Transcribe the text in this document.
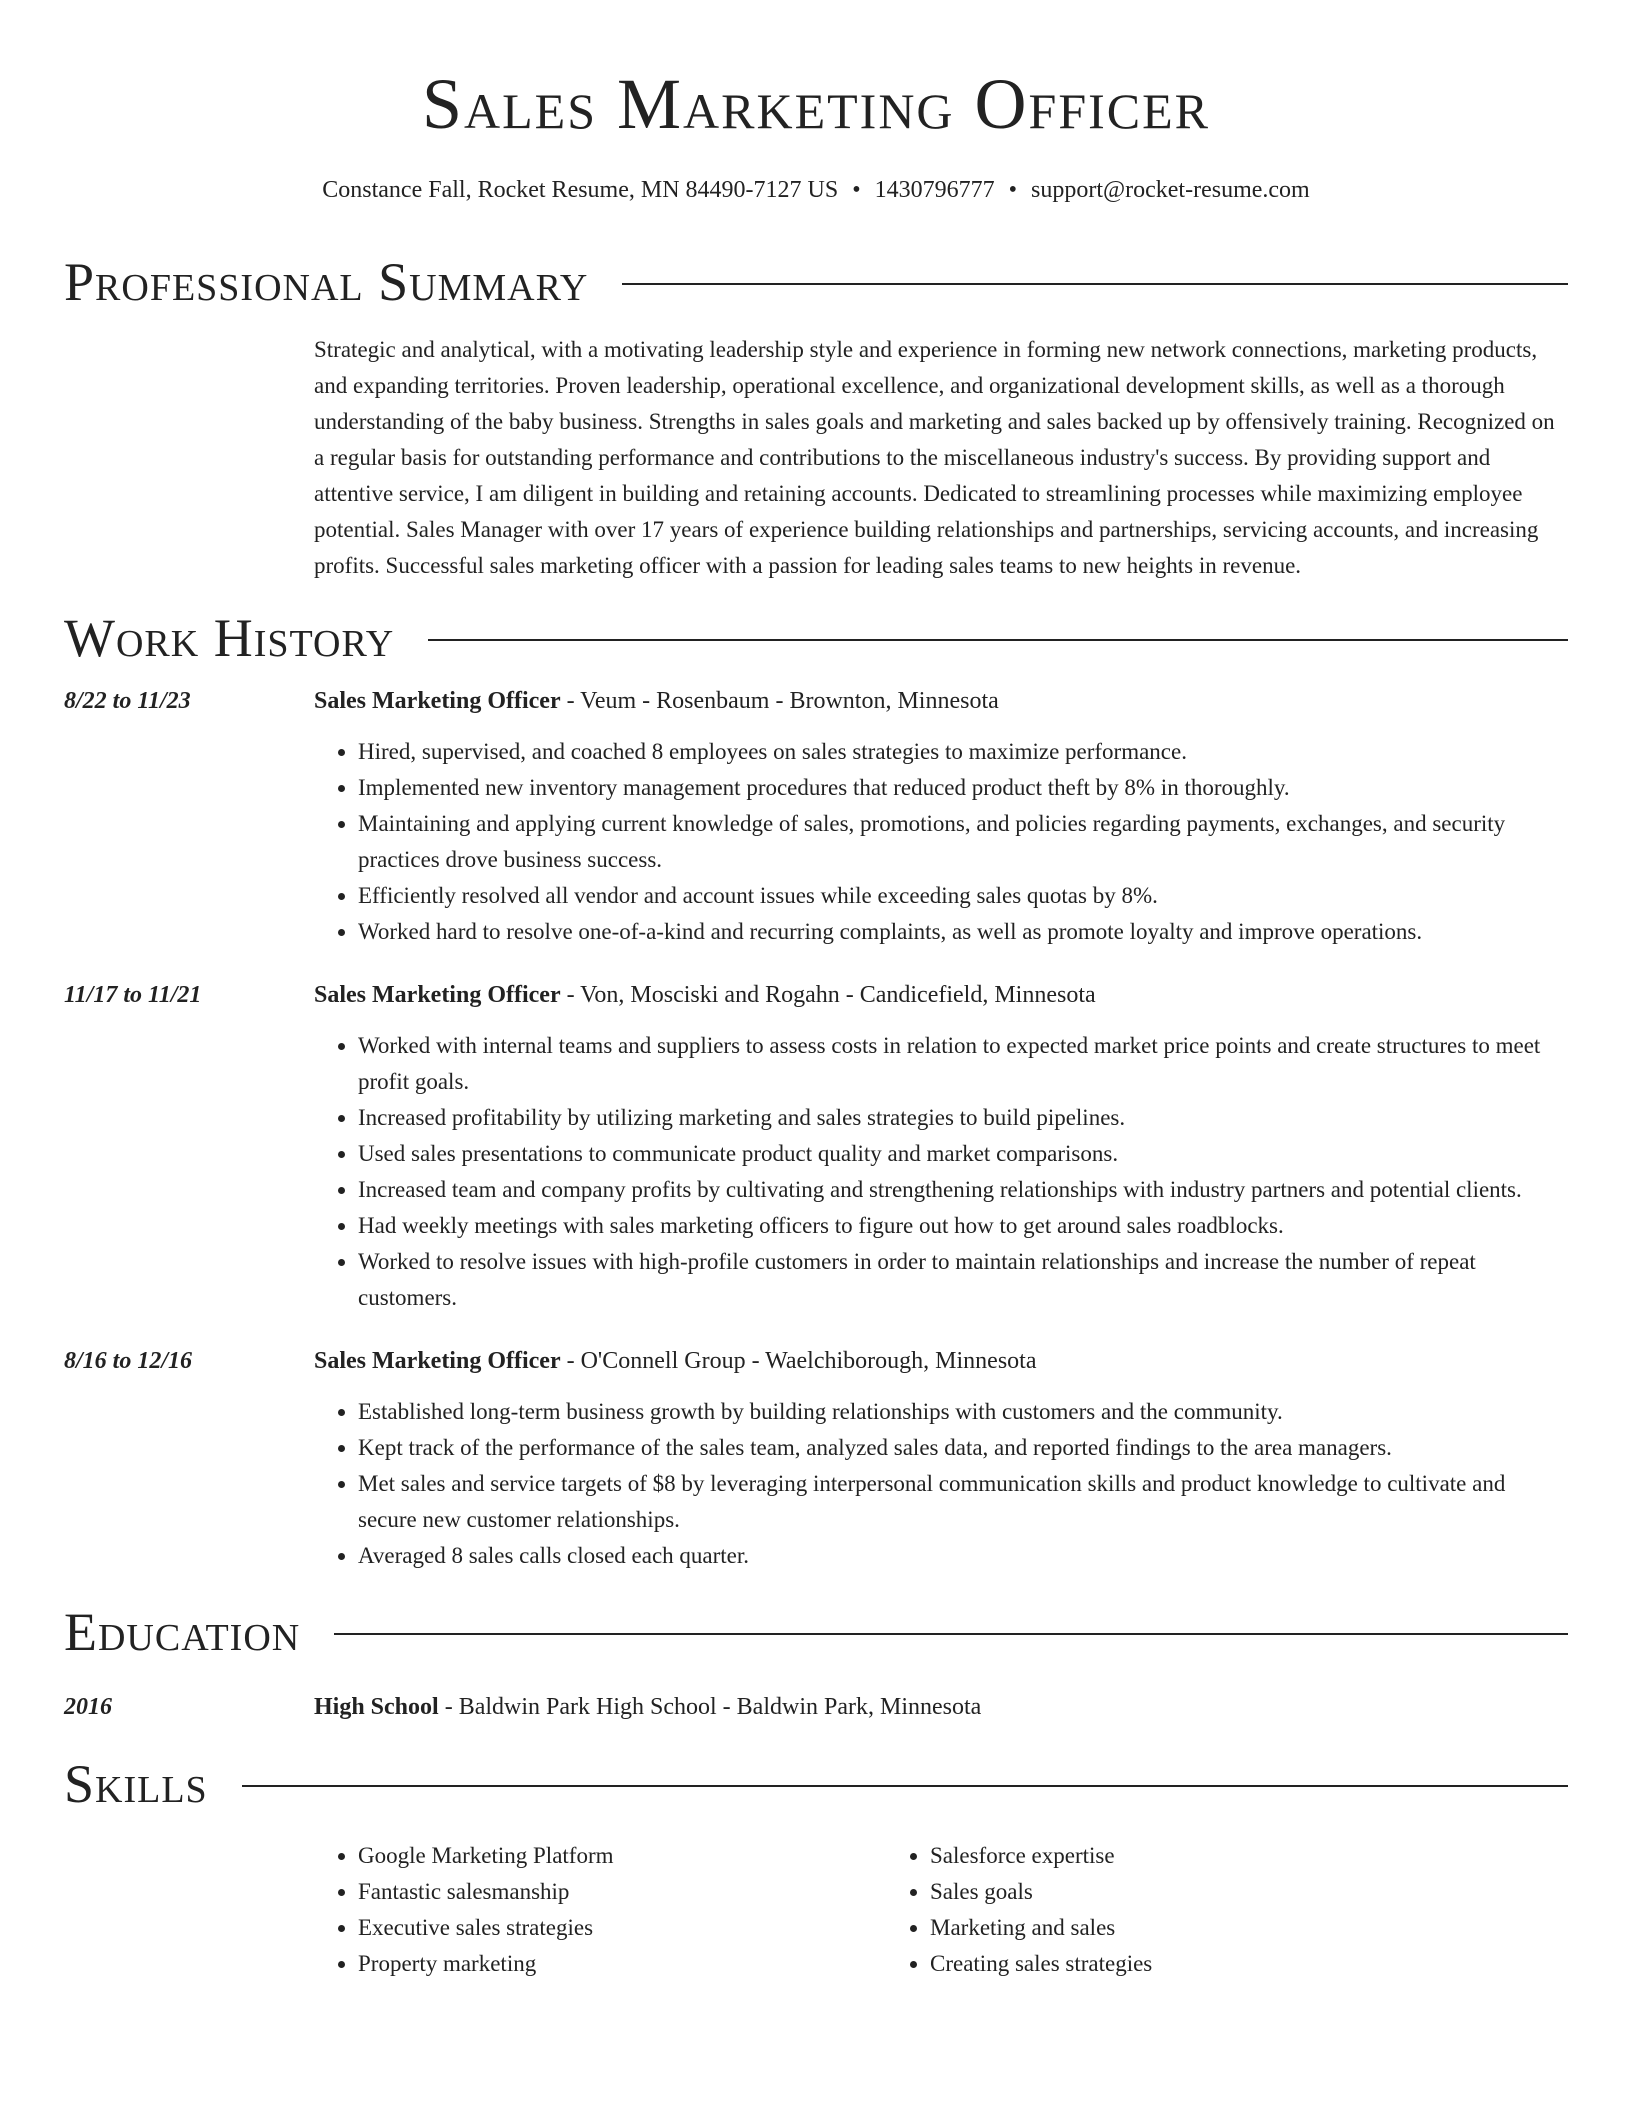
Sales Marketing Officer
Constance Fall, Rocket Resume, MN 84490-7127 US • 1430796777 • support@rocket-resume.com
Professional Summary
Strategic and analytical, with a motivating leadership style and experience in forming new network connections, marketing products, and expanding territories. Proven leadership, operational excellence, and organizational development skills, as well as a thorough understanding of the baby business. Strengths in sales goals and marketing and sales backed up by offensively training. Recognized on a regular basis for outstanding performance and contributions to the miscellaneous industry's success. By providing support and attentive service, I am diligent in building and retaining accounts. Dedicated to streamlining processes while maximizing employee potential. Sales Manager with over 17 years of experience building relationships and partnerships, servicing accounts, and increasing profits. Successful sales marketing officer with a passion for leading sales teams to new heights in revenue.
Work History
8/22 to 11/23	Sales Marketing Officer - Veum - Rosenbaum - Brownton, Minnesota
• Hired, supervised, and coached 8 employees on sales strategies to maximize performance.
• Implemented new inventory management procedures that reduced product theft by 8% in thoroughly.
• Maintaining and applying current knowledge of sales, promotions, and policies regarding payments, exchanges, and security practices drove business success.
• Efficiently resolved all vendor and account issues while exceeding sales quotas by 8%.
• Worked hard to resolve one-of-a-kind and recurring complaints, as well as promote loyalty and improve operations.
11/17 to 11/21	Sales Marketing Officer - Von, Mosciski and Rogahn - Candicefield, Minnesota
• Worked with internal teams and suppliers to assess costs in relation to expected market price points and create structures to meet profit goals.
• Increased profitability by utilizing marketing and sales strategies to build pipelines.
• Used sales presentations to communicate product quality and market comparisons.
• Increased team and company profits by cultivating and strengthening relationships with industry partners and potential clients.
• Had weekly meetings with sales marketing officers to figure out how to get around sales roadblocks.
• Worked to resolve issues with high-profile customers in order to maintain relationships and increase the number of repeat customers.
8/16 to 12/16	Sales Marketing Officer - O'Connell Group - Waelchiborough, Minnesota
• Established long-term business growth by building relationships with customers and the community.
• Kept track of the performance of the sales team, analyzed sales data, and reported findings to the area managers.
• Met sales and service targets of $8 by leveraging interpersonal communication skills and product knowledge to cultivate and secure new customer relationships.
• Averaged 8 sales calls closed each quarter.
Education
2016	High School - Baldwin Park High School - Baldwin Park, Minnesota
Skills
• Google Marketing Platform
• Fantastic salesmanship
• Executive sales strategies
• Property marketing
• Salesforce expertise
• Sales goals
• Marketing and sales
• Creating sales strategies
